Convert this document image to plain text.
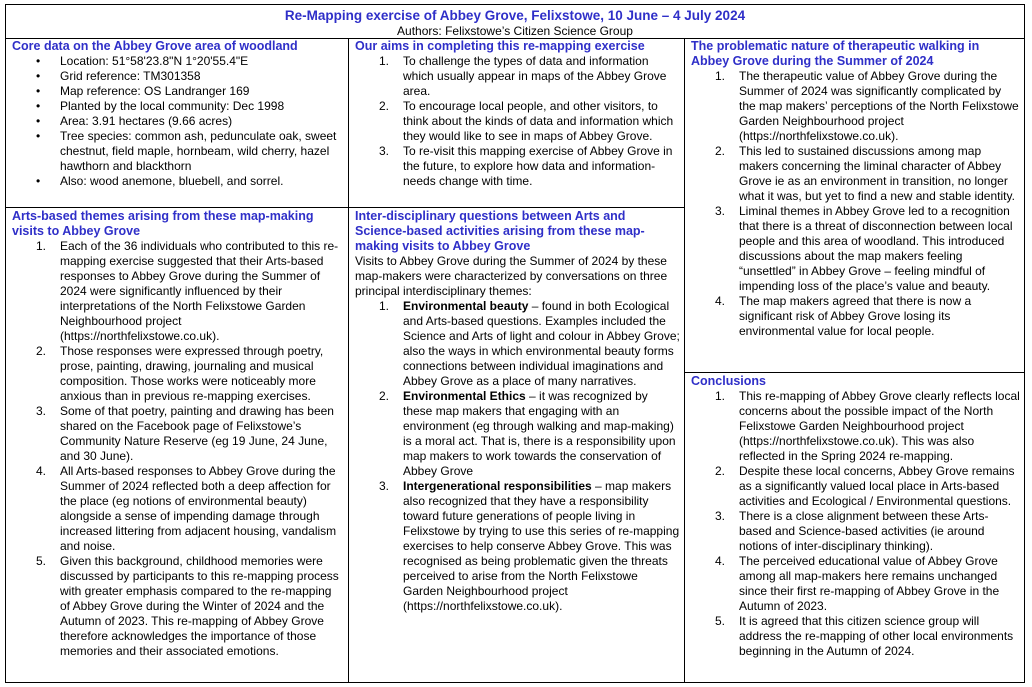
Re-Mapping exercise of Abbey Grove, Felixstowe, 10 June – 4 July 2024
Authors: Felixstowe’s Citizen Science Group
Core data on the Abbey Grove area of woodland
• Location: 51°58'23.8"N 1°20'55.4"E
• Grid reference: TM301358
• Map reference: OS Landranger 169
• Planted by the local community: Dec 1998
• Area: 3.91 hectares (9.66 acres)
• Tree species: common ash, pedunculate oak, sweet chestnut, field maple, hornbeam, wild cherry, hazel hawthorn and blackthorn
• Also: wood anemone, bluebell, and sorrel.
Arts-based themes arising from these map-making visits to Abbey Grove
1. Each of the 36 individuals who contributed to this re-mapping exercise suggested that their Arts-based responses to Abbey Grove during the Summer of 2024 were significantly influenced by their interpretations of the North Felixstowe Garden Neighbourhood project (https://northfelixstowe.co.uk).
2. Those responses were expressed through poetry, prose, painting, drawing, journaling and musical composition. Those works were noticeably more anxious than in previous re-mapping exercises.
3. Some of that poetry, painting and drawing has been shared on the Facebook page of Felixstowe’s Community Nature Reserve (eg 19 June, 24 June, and 30 June).
4. All Arts-based responses to Abbey Grove during the Summer of 2024 reflected both a deep affection for the place (eg notions of environmental beauty) alongside a sense of impending damage through increased littering from adjacent housing, vandalism and noise.
5. Given this background, childhood memories were discussed by participants to this re-mapping process with greater emphasis compared to the re-mapping of Abbey Grove during the Winter of 2024 and the Autumn of 2023. This re-mapping of Abbey Grove therefore acknowledges the importance of those memories and their associated emotions.
Our aims in completing this re-mapping exercise
1. To challenge the types of data and information which usually appear in maps of the Abbey Grove area.
2. To encourage local people, and other visitors, to think about the kinds of data and information which they would like to see in maps of Abbey Grove.
3. To re-visit this mapping exercise of Abbey Grove in the future, to explore how data and information-needs change with time.
Inter-disciplinary questions between Arts and Science-based activities arising from these map-making visits to Abbey Grove

Visits to Abbey Grove during the Summer of 2024 by these map-makers were characterized by conversations on three principal interdisciplinary themes:

1. Environmental beauty – found in both Ecological and Arts-based questions. Examples included the Science and Arts of light and colour in Abbey Grove; also the ways in which environmental beauty forms connections between individual imaginations and Abbey Grove as a place of many narratives.
2. Environmental Ethics – it was recognized by these map makers that engaging with an environment (eg through walking and map-making) is a moral act. That is, there is a responsibility upon map makers to work towards the conservation of Abbey Grove
3. Intergenerational responsibilities – map makers also recognized that they have a responsibility toward future generations of people living in Felixstowe by trying to use this series of re-mapping exercises to help conserve Abbey Grove. This was recognised as being problematic given the threats perceived to arise from the North Felixstowe Garden Neighbourhood project (https://northfelixstowe.co.uk).
The problematic nature of therapeutic walking in Abbey Grove during the Summer of 2024
1. The therapeutic value of Abbey Grove during the Summer of 2024 was significantly complicated by the map makers’ perceptions of the North Felixstowe Garden Neighbourhood project (https://northfelixstowe.co.uk).
2. This led to sustained discussions among map makers concerning the liminal character of Abbey Grove ie as an environment in transition, no longer what it was, but yet to find a new and stable identity.
3. Liminal themes in Abbey Grove led to a recognition that there is a threat of disconnection between local people and this area of woodland. This introduced discussions about the map makers feeling “unsettled” in Abbey Grove – feeling mindful of impending loss of the place’s value and beauty.
4. The map makers agreed that there is now a significant risk of Abbey Grove losing its environmental value for local people.
Conclusions
1. This re-mapping of Abbey Grove clearly reflects local concerns about the possible impact of the North Felixstowe Garden Neighbourhood project (https://northfelixstowe.co.uk). This was also reflected in the Spring 2024 re-mapping.
2. Despite these local concerns, Abbey Grove remains as a significantly valued local place in Arts-based activities and Ecological / Environmental questions.
3. There is a close alignment between these Arts-based and Science-based activities (ie around notions of inter-disciplinary thinking).
4. The perceived educational value of Abbey Grove among all map-makers here remains unchanged since their first re-mapping of Abbey Grove in the Autumn of 2023.
5. It is agreed that this citizen science group will address the re-mapping of other local environments beginning in the Autumn of 2024.
